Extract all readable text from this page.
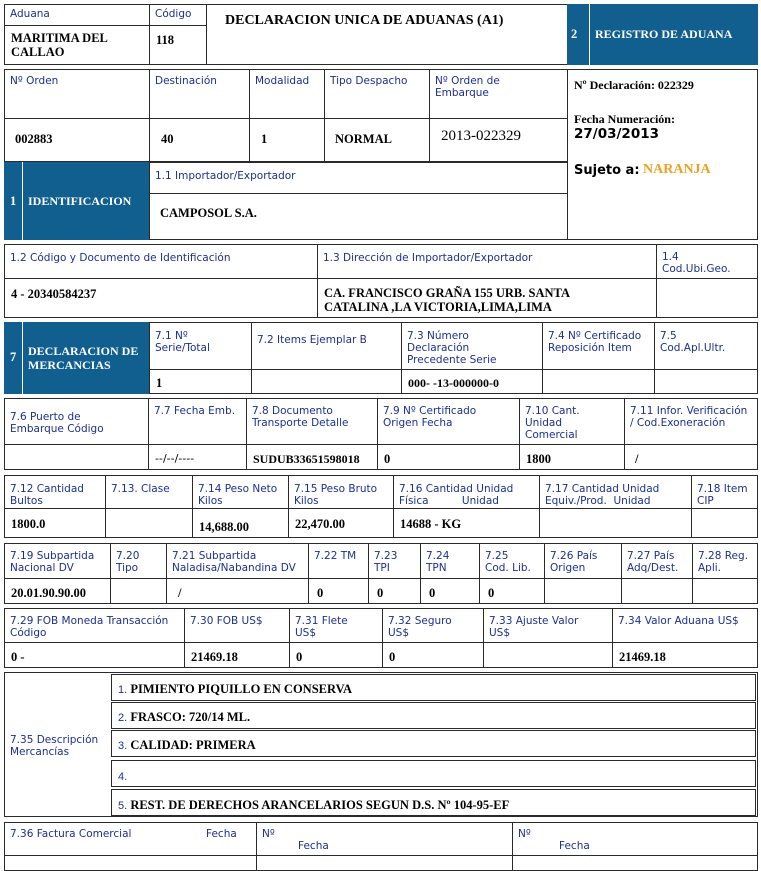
Aduana
MARITIMA DEL CALLAO
Código
118
DECLARACION UNICA DE ADUANAS (A1)
2 REGISTRO DE ADUANA
Nº Orden
002883
Destinación
40
Modalidad
1
Tipo Despacho
NORMAL
Nº Orden de Embarque
2013-022329
Nº Declaración: 022329
Fecha Numeración:
27/03/2013
Sujeto a: NARANJA
1 IDENTIFICACION
1.1 Importador/Exportador
CAMPOSOL S.A.
1.2 Código y Documento de Identificación
4 - 20340584237
1.3 Dirección de Importador/Exportador
CA. FRANCISCO GRAÑA 155 URB. SANTA CATALINA ,LA VICTORIA,LIMA,LIMA
1.4 Cod.Ubi.Geo.
7 DECLARACION DE MERCANCIAS
7.1 Nº Serie/Total
1
7.2 Items Ejemplar B	7.3 Número Declaración Precedente Serie
000- -13-000000-0
7.4 Nº Certificado Reposición Item
7.5 Cod.Apl.Ultr.
7.6 Puerto de Embarque Código
7.7 Fecha Emb.
--/--/----
7.8 Documento Transporte Detalle
SUDUB33651598018
7.9 Nº Certificado Origen Fecha
0
7.10 Cant. Unidad Comercial
1800
7.11 Infor. Verificación / Cod.Exoneración
/
7.12 Cantidad Bultos
1800.0
7.13. Clase	7.14 Peso Neto Kilos
14,688.00
7.15 Peso Bruto Kilos
22,470.00
7.16 Cantidad Unidad Física          Unidad
14688 - KG
7.17 Cantidad Unidad Equiv./Prod.  Unidad
7.18 Item CIP
7.19 Subpartida Nacional DV
20.01.90.90.00
7.20 Tipo
7.21 Subpartida Naladisa/Nabandina DV
/
7.22 TM
0
7.23 TPI
0
7.24 TPN
0
7.25 Cod. Lib.
0
7.26 País Origen
7.27 País Adq/Dest.
7.28 Reg. Apli.
7.29 FOB Moneda Transacción Código
0 -
7.30 FOB US$
21469.18
7.31 Flete US$
0
7.32 Seguro US$
0
7.33 Ajuste Valor US$
7.34 Valor Aduana US$
21469.18
7.35 Descripción Mercancías
1. PIMIENTO PIQUILLO EN CONSERVA
2. FRASCO: 720/14 ML.
3. CALIDAD: PRIMERA
4.
5. REST. DE DERECHOS ARANCELARIOS SEGUN D.S. Nº 104-95-EF
7.36 Factura Comercial	Fecha	Nº
Fecha
Nº
Fecha
